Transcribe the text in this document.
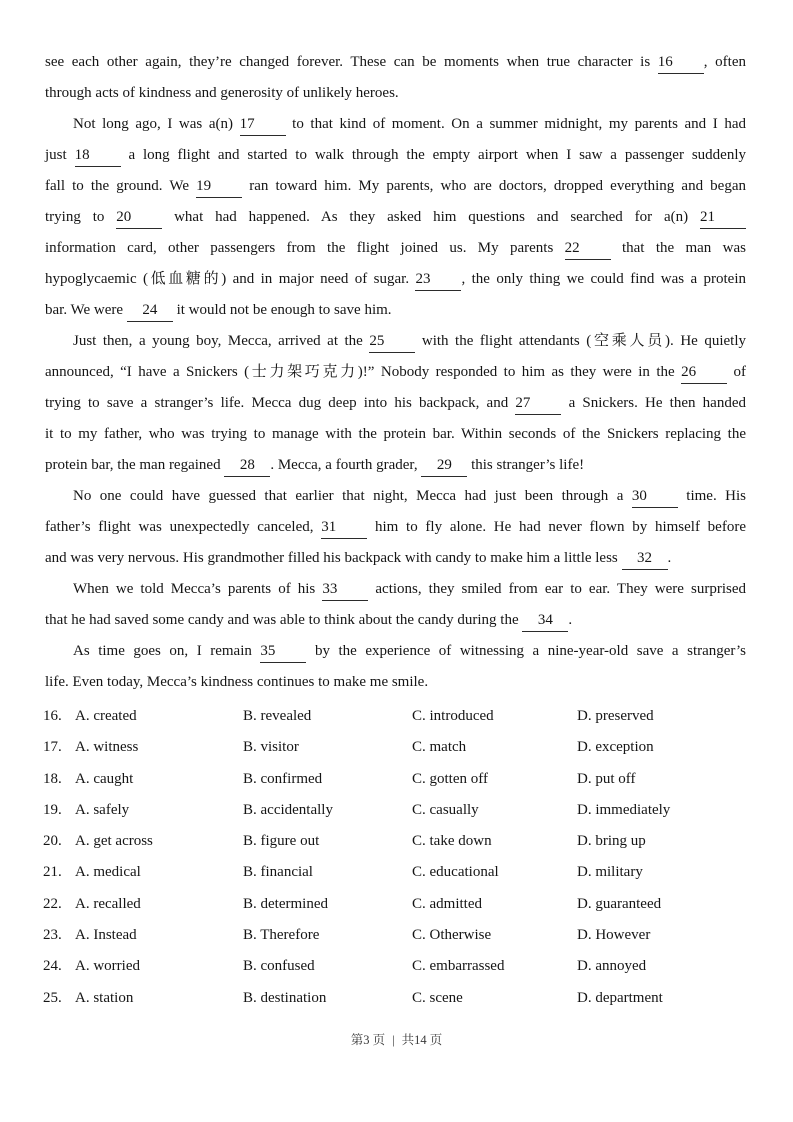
see each other again, they’re changed forever. These can be moments when true character is 16 , often
through acts of kindness and generosity of unlikely heroes.
Not long ago, I was a(n) 17 to that kind of moment. On a summer midnight, my parents and I had
just 18 a long flight and started to walk through the empty airport when I saw a passenger suddenly
fall to the ground. We 19 ran toward him. My parents, who are doctors, dropped everything and began
trying to 20 what had happened. As they asked him questions and searched for a(n) 21
information card, other passengers from the flight joined us. My parents 22 that the man was
hypoglycaemic (低血糖的) and in major need of sugar. 23 , the only thing we could find was a protein
bar. We were 24 it would not be enough to save him.
Just then, a young boy, Mecca, arrived at the 25 with the flight attendants (空乘人员). He quietly
announced, “I have a Snickers (士力架巧克力)!” Nobody responded to him as they were in the 26 of
trying to save a stranger’s life. Mecca dug deep into his backpack, and 27 a Snickers. He then handed
it to my father, who was trying to manage with the protein bar. Within seconds of the Snickers replacing the
protein bar, the man regained 28 . Mecca, a fourth grader, 29 this stranger’s life!
No one could have guessed that earlier that night, Mecca had just been through a 30 time. His
father’s flight was unexpectedly canceled, 31 him to fly alone. He had never flown by himself before
and was very nervous. His grandmother filled his backpack with candy to make him a little less 32 .
When we told Mecca’s parents of his 33 actions, they smiled from ear to ear. They were surprised
that he had saved some candy and was able to think about the candy during the 34 .
As time goes on, I remain 35 by the experience of witnessing a nine-year-old save a stranger’s
life. Even today, Mecca’s kindness continues to make me smile.
16. A. created	B. revealed	C. introduced	D. preserved
17. A. witness	B. visitor	C. match	D. exception
18. A. caught	B. confirmed	C. gotten off	D. put off
19. A. safely	B. accidentally	C. casually	D. immediately
20. A. get across	B. figure out	C. take down	D. bring up
21. A. medical	B. financial	C. educational	D. military
22. A. recalled	B. determined	C. admitted	D. guaranteed
23. A. Instead	B. Therefore	C. Otherwise	D. However
24. A. worried	B. confused	C. embarrassed	D. annoyed
25. A. station	B. destination	C. scene	D. department
第3 页 | 共14 页
